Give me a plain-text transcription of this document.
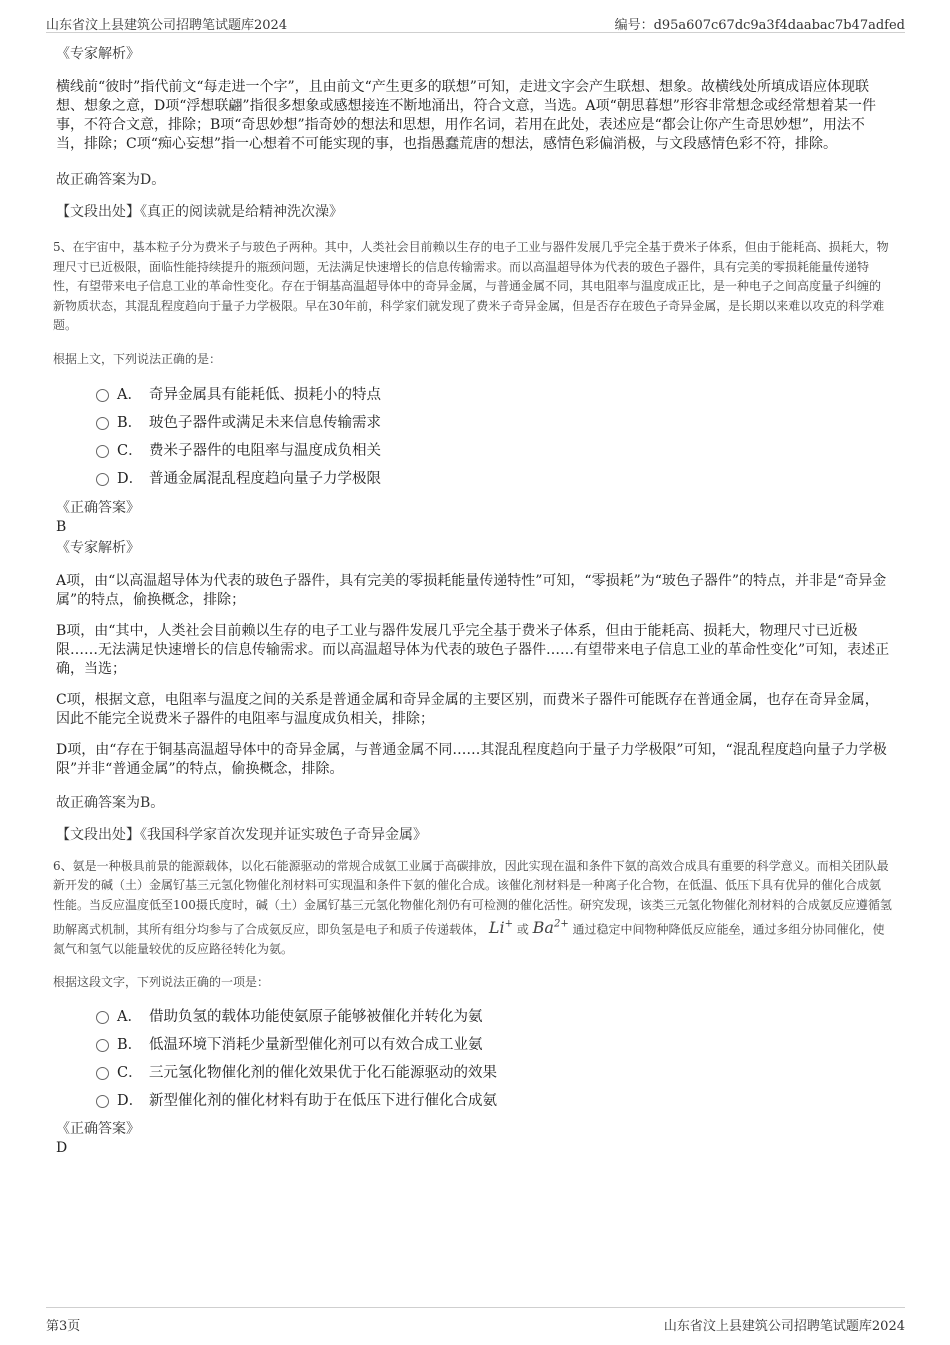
山东省汶上县建筑公司招聘笔试题库2024	编号：d95a607c67dc9a3f4daabac7b47adfed
《专家解析》

横线前“彼时”指代前文“每走进一个字”，且由前文“产生更多的联想”可知，走进文字会产生联想、想象。故横线处所填成语应体现联想、想象之意，D项“浮想联翩”指很多想象或感想接连不断地涌出，符合文意，当选。A项“朝思暮想”形容非常想念或经常想着某一件事，不符合文意，排除；B项“奇思妙想”指奇妙的想法和思想，用作名词，若用在此处，表述应是“都会让你产生奇思妙想”，用法不当，排除；C项“痴心妄想”指一心想着不可能实现的事，也指愚蠢荒唐的想法，感情色彩偏消极，与文段感情色彩不符，排除。

故正确答案为D。
【文段出处】《真正的阅读就是给精神洗次澡》

5、在宇宙中，基本粒子分为费米子与玻色子两种。其中，人类社会目前赖以生存的电子工业与器件发展几乎完全基于费米子体系，但由于能耗高、损耗大，物理尺寸已近极限，面临性能持续提升的瓶颈问题，无法满足快速增长的信息传输需求。而以高温超导体为代表的玻色子器件，具有完美的零损耗能量传递特性，有望带来电子信息工业的革命性变化。存在于铜基高温超导体中的奇异金属，与普通金属不同，其电阻率与温度成正比，是一种电子之间高度量子纠缠的新物质状态，其混乱程度趋向于量子力学极限。早在30年前，科学家们就发现了费米子奇异金属，但是否存在玻色子奇异金属，是长期以来难以攻克的科学难题。

根据上文，下列说法正确的是：
A． 奇异金属具有能耗低、损耗小的特点
B． 玻色子器件或满足未来信息传输需求
C． 费米子器件的电阻率与温度成负相关
D． 普通金属混乱程度趋向量子力学极限
《正确答案》
B
《专家解析》

A项，由“以高温超导体为代表的玻色子器件，具有完美的零损耗能量传递特性”可知，“零损耗”为“玻色子器件”的特点，并非是“奇异金属”的特点，偷换概念，排除；

B项，由“其中，人类社会目前赖以生存的电子工业与器件发展几乎完全基于费米子体系，但由于能耗高、损耗大，物理尺寸已近极限……无法满足快速增长的信息传输需求。而以高温超导体为代表的玻色子器件……有望带来电子信息工业的革命性变化”可知，表述正确，当选；

C项，根据文意，电阻率与温度之间的关系是普通金属和奇异金属的主要区别，而费米子器件可能既存在普通金属，也存在奇异金属，因此不能完全说费米子器件的电阻率与温度成负相关，排除；

D项，由“存在于铜基高温超导体中的奇异金属，与普通金属不同……其混乱程度趋向于量子力学极限”可知，“混乱程度趋向量子力学极限”并非“普通金属”的特点，偷换概念，排除。

故正确答案为B。
【文段出处】《我国科学家首次发现并证实玻色子奇异金属》

6、氨是一种极具前景的能源载体，以化石能源驱动的常规合成氨工业属于高碳排放，因此实现在温和条件下氨的高效合成具有重要的科学意义。而相关团队最新开发的碱（土）金属钌基三元氢化物催化剂材料可实现温和条件下氨的催化合成。该催化剂材料是一种离子化合物，在低温、低压下具有优异的催化合成氨性能。当反应温度低至100摄氏度时，碱（土）金属钌基三元氢化物催化剂仍有可检测的催化活性。研究发现，该类三元氢化物催化剂材料的合成氨反应遵循氢助解离式机制，其所有组分均参与了合成氨反应，即负氢是电子和质子传递载体， Li+ 或 $Ba^{2+}$ 通过稳定中间物种降低反应能垒，通过多组分协同催化，使氮气和氢气以能量较优的反应路径转化为氨。

根据这段文字，下列说法正确的一项是：
A． 借助负氢的载体功能使氨原子能够被催化并转化为氨
B． 低温环境下消耗少量新型催化剂可以有效合成工业氨
C． 三元氢化物催化剂的催化效果优于化石能源驱动的效果
D． 新型催化剂的催化材料有助于在低压下进行催化合成氨
《正确答案》
D
第3页	山东省汶上县建筑公司招聘笔试题库2024
